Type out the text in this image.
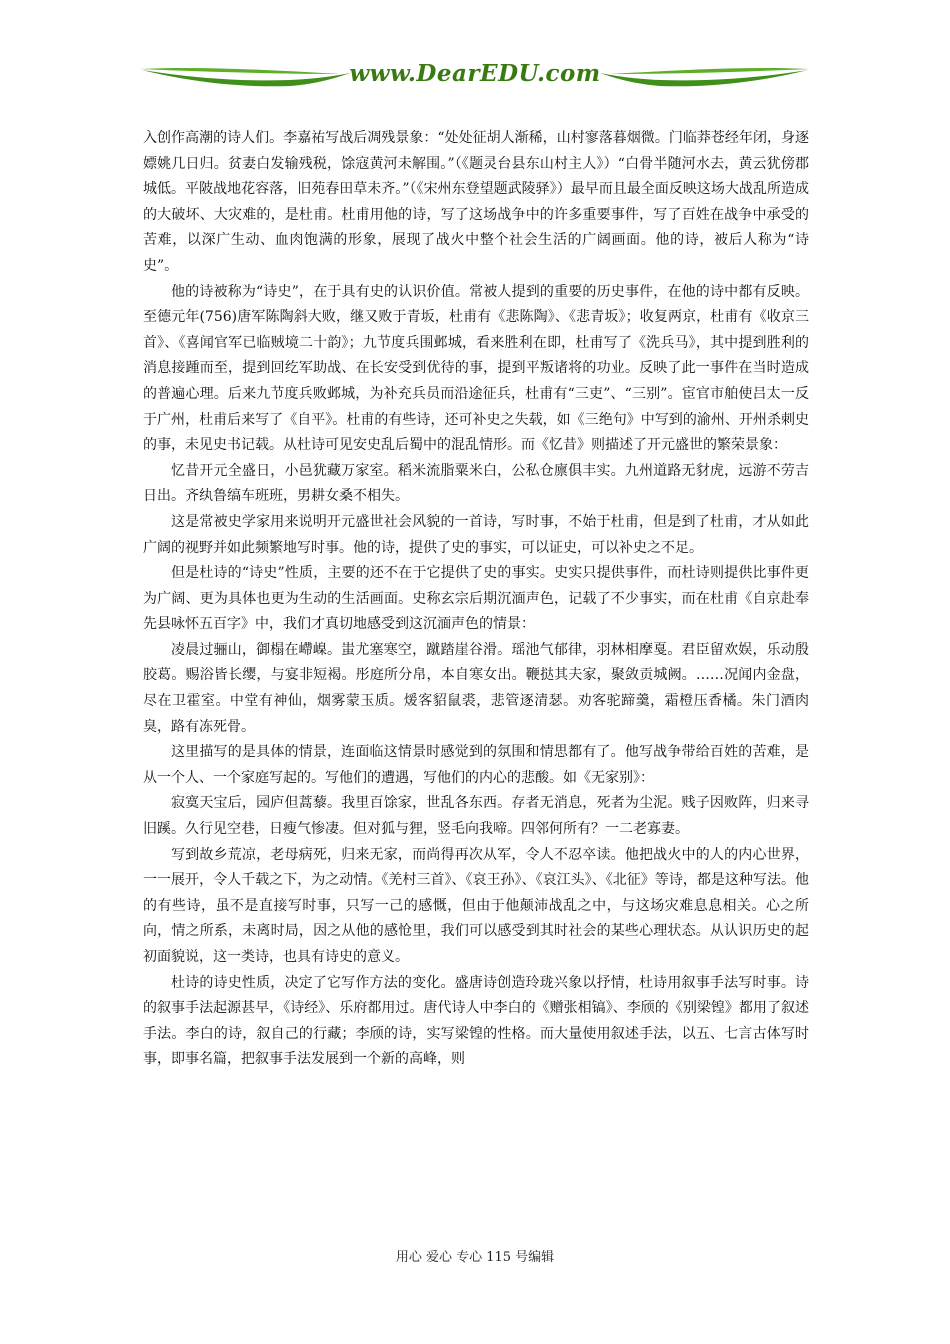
www.DearEDU.com

入创作高潮的诗人们。李嘉祐写战后凋残景象：“处处征胡人渐稀，山村寥落暮烟微。门临莽苍经年闭，身逐嫖姚几日归。贫妻白发输残税，馀寇黄河未解围。”（《题灵台县东山村主人》）“白骨半随河水去，黄云犹傍郡城低。平陂战地花容落，旧苑春田草未齐。”（《宋州东登望题武陵驿》）最早而且最全面反映这场大战乱所造成的大破坏、大灾难的，是杜甫。杜甫用他的诗，写了这场战争中的许多重要事件，写了百姓在战争中承受的苦难，以深广生动、血肉饱满的形象，展现了战火中整个社会生活的广阔画面。他的诗，被后人称为“诗史”。

他的诗被称为“诗史”，在于具有史的认识价值。常被人提到的重要的历史事件，在他的诗中都有反映。至德元年(756)唐军陈陶斜大败，继又败于青坂，杜甫有《悲陈陶》、《悲青坂》；收复两京，杜甫有《收京三首》、《喜闻官军已临贼境二十韵》；九节度兵围邺城，看来胜利在即，杜甫写了《洗兵马》，其中提到胜利的消息接踵而至，提到回纥军助战、在长安受到优待的事，提到平叛诸将的功业。反映了此一事件在当时造成的普遍心理。后来九节度兵败邺城，为补充兵员而沿途征兵，杜甫有“三吏”、“三别”。宦官市舶使吕太一反于广州，杜甫后来写了《自平》。杜甫的有些诗，还可补史之失载，如《三绝句》中写到的渝州、开州杀刺史的事，未见史书记载。从杜诗可见安史乱后蜀中的混乱情形。而《忆昔》则描述了开元盛世的繁荣景象：

忆昔开元全盛日，小邑犹藏万家室。稻米流脂粟米白，公私仓廪俱丰实。九州道路无豺虎，远游不劳吉日出。齐纨鲁缟车班班，男耕女桑不相失。

这是常被史学家用来说明开元盛世社会风貌的一首诗，写时事，不始于杜甫，但是到了杜甫，才从如此广阔的视野并如此频繁地写时事。他的诗，提供了史的事实，可以证史，可以补史之不足。

但是杜诗的“诗史”性质，主要的还不在于它提供了史的事实。史实只提供事件，而杜诗则提供比事件更为广阔、更为具体也更为生动的生活画面。史称玄宗后期沉湎声色，记载了不少事实，而在杜甫《自京赴奉先县咏怀五百字》中，我们才真切地感受到这沉湎声色的情景：

凌晨过骊山，御榻在嵽嵲。蚩尤塞寒空，蹴踏崖谷滑。瑶池气郁律，羽林相摩戛。君臣留欢娱，乐动殷胶葛。赐浴皆长缨，与宴非短褐。彤庭所分帛，本自寒女出。鞭挞其夫家，聚敛贡城阙。……况闻内金盘，尽在卫霍室。中堂有神仙，烟雾蒙玉质。煖客貂鼠裘，悲管逐清瑟。劝客驼蹄羹，霜橙压香橘。朱门酒肉臭，路有冻死骨。

这里描写的是具体的情景，连面临这情景时感觉到的氛围和情思都有了。他写战争带给百姓的苦难，是从一个人、一个家庭写起的。写他们的遭遇，写他们的内心的悲酸。如《无家别》：

寂寞天宝后，园庐但蒿藜。我里百馀家，世乱各东西。存者无消息，死者为尘泥。贱子因败阵，归来寻旧蹊。久行见空巷，日瘦气惨凄。但对狐与狸，竖毛向我啼。四邻何所有？一二老寡妻。

写到故乡荒凉，老母病死，归来无家，而尚得再次从军，令人不忍卒读。他把战火中的人的内心世界，一一展开，令人千载之下，为之动情。《羌村三首》、《哀王孙》、《哀江头》、《北征》等诗，都是这种写法。他的有些诗，虽不是直接写时事，只写一己的感慨，但由于他颠沛战乱之中，与这场灾难息息相关。心之所向，情之所系，未离时局，因之从他的感怆里，我们可以感受到其时社会的某些心理状态。从认识历史的起初面貌说，这一类诗，也具有诗史的意义。

杜诗的诗史性质，决定了它写作方法的变化。盛唐诗创造玲珑兴象以抒情，杜诗用叙事手法写时事。诗的叙事手法起源甚早，《诗经》、乐府都用过。唐代诗人中李白的《赠张相镐》、李颀的《别梁锽》都用了叙述手法。李白的诗，叙自己的行藏；李颀的诗，实写梁锽的性格。而大量使用叙述手法，以五、七言古体写时事，即事名篇，把叙事手法发展到一个新的高峰，则

用心 爱心 专心 115 号编辑
